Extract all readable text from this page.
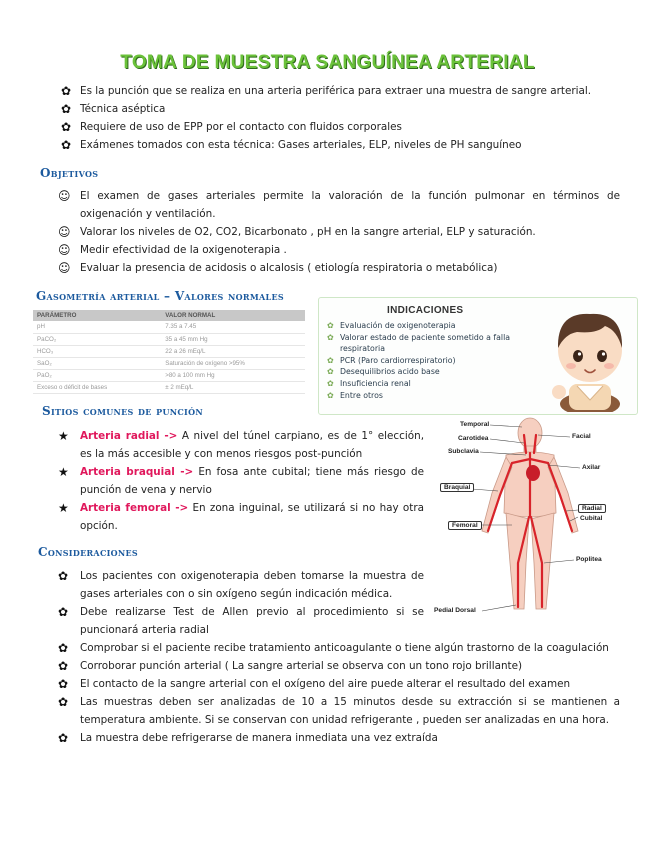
TOMA DE MUESTRA SANGUÍNEA ARTERIAL
✿ Es la punción que se realiza en una arteria periférica para extraer una muestra de sangre arterial.
✿ Técnica aséptica
✿ Requiere de uso de EPP por el contacto con fluidos corporales
✿ Exámenes tomados con esta técnica: Gases arteriales, ELP, niveles de PH sanguíneo
Objetivos
☺ El examen de gases arteriales permite la valoración de la función pulmonar en términos de oxigenación y ventilación.
☺ Valorar los niveles de O2, CO2, Bicarbonato , pH en la sangre arterial, ELP y saturación.
☺ Medir efectividad de la oxigenoterapia .
☺ Evaluar la presencia de acidosis o alcalosis ( etiología respiratoria o metabólica)
Gasometría arterial – Valores normales
PARÁMETRO	VALOR NORMAL
pH	7.35 a 7.45
PaCO₂	35 a 45 mm Hg
HCO₃	22 a 26 mEq/L
SaO₂	Saturación de oxígeno >95%
PaO₂	>80 a 100 mm Hg
Exceso o déficit de bases	± 2 mEq/L
INDICACIONES
✿ Evaluación de oxigenoterapia
✿ Valorar estado de paciente sometido a falla respiratoria
✿ PCR (Paro cardiorrespiratorio)
✿ Desequilibrios acido base
✿ Insuficiencia renal
✿ Entre otros
Sitios comunes de punción
★	Arteria radial -> A nivel del túnel carpiano, es de 1° elección, es la más accesible y con menos riesgos post-punción
★	Arteria braquial -> En fosa ante cubital; tiene más riesgo de punción de vena y nervio
★	Arteria femoral -> En zona inguinal, se utilizará si no hay otra opción.
Temporal
Carotidea
Subclavia
Facial
Axilar
Braquial
Radial
Cubital
Femoral
Poplitea
Pedial Dorsal
Consideraciones
✿	Los pacientes con oxigenoterapia deben tomarse la muestra de gases arteriales con o sin oxígeno según indicación médica.
✿	Debe realizarse Test de Allen previo al procedimiento si se puncionará arteria radial
✿	Comprobar si el paciente recibe tratamiento anticoagulante o tiene algún trastorno de la coagulación
✿	Corroborar punción arterial ( La sangre arterial se observa con un tono rojo brillante)
✿	El contacto de la sangre arterial con el oxígeno del aire puede alterar el resultado del examen
✿	Las muestras deben ser analizadas de 10 a 15 minutos desde su extracción si se mantienen a temperatura ambiente. Si se conservan con unidad refrigerante , pueden ser analizadas en una hora.
✿	La muestra debe refrigerarse de manera inmediata una vez extraída
